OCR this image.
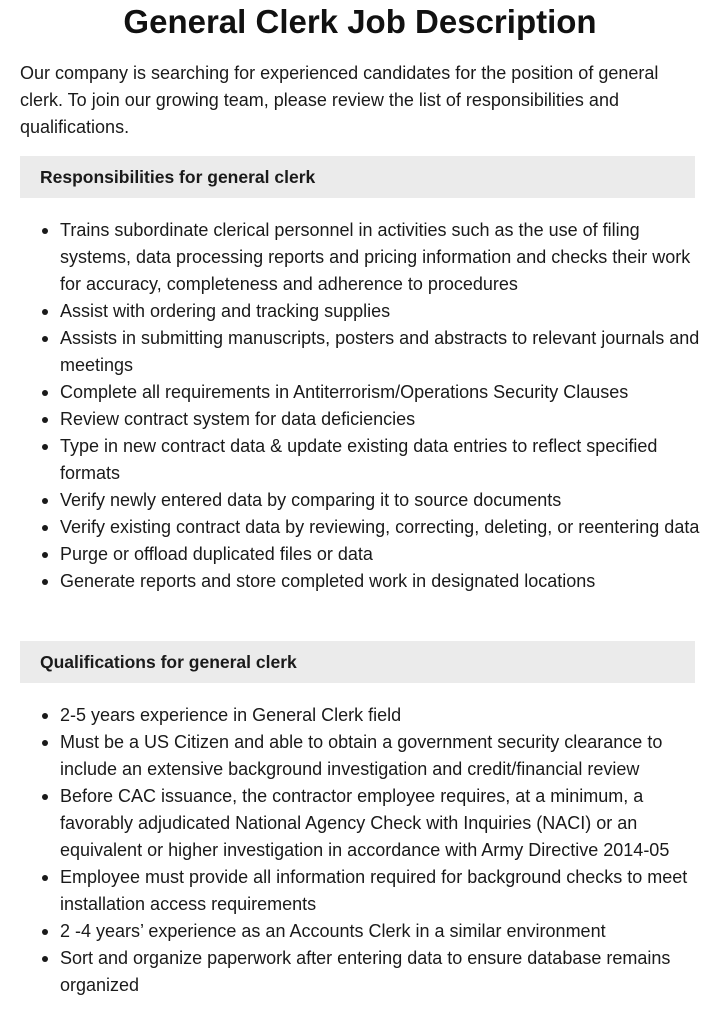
General Clerk Job Description

Our company is searching for experienced candidates for the position of general clerk. To join our growing team, please review the list of responsibilities and qualifications.

Responsibilities for general clerk
Trains subordinate clerical personnel in activities such as the use of filing systems, data processing reports and pricing information and checks their work for accuracy, completeness and adherence to procedures
Assist with ordering and tracking supplies
Assists in submitting manuscripts, posters and abstracts to relevant journals and meetings
Complete all requirements in Antiterrorism/Operations Security Clauses
Review contract system for data deficiencies
Type in new contract data & update existing data entries to reflect specified formats
Verify newly entered data by comparing it to source documents
Verify existing contract data by reviewing, correcting, deleting, or reentering data
Purge or offload duplicated files or data
Generate reports and store completed work in designated locations
Qualifications for general clerk
2-5 years experience in General Clerk field
Must be a US Citizen and able to obtain a government security clearance to include an extensive background investigation and credit/financial review
Before CAC issuance, the contractor employee requires, at a minimum, a favorably adjudicated National Agency Check with Inquiries (NACI) or an equivalent or higher investigation in accordance with Army Directive 2014-05
Employee must provide all information required for background checks to meet installation access requirements
2 -4 years’ experience as an Accounts Clerk in a similar environment
Sort and organize paperwork after entering data to ensure database remains organized
